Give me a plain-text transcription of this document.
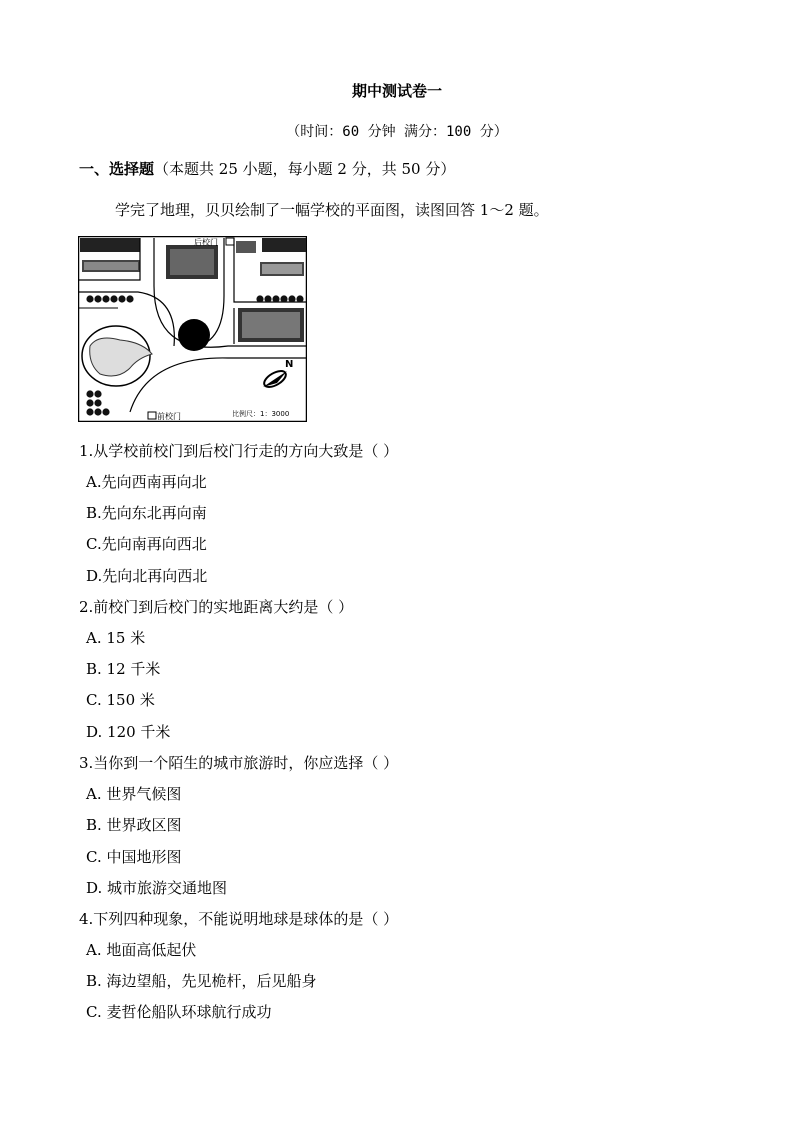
期中测试卷一
（时间：60 分钟 满分：100 分）
一、选择题（本题共 25 小题，每小题 2 分，共 50 分）
学完了地理，贝贝绘制了一幅学校的平面图，读图回答 1～2 题。
N
后校门
前校门	比例尺：1：3000
1.从学校前校门到后校门行走的方向大致是（ ）
A.先向西南再向北
B.先向东北再向南
C.先向南再向西北
D.先向北再向西北
2.前校门到后校门的实地距离大约是（ ）
A. 15 米
B. 12 千米
C. 150 米
D. 120 千米
3.当你到一个陌生的城市旅游时，你应选择（ ）
A. 世界气候图
B. 世界政区图
C. 中国地形图
D. 城市旅游交通地图
4.下列四种现象，不能说明地球是球体的是（ ）
A. 地面高低起伏
B. 海边望船，先见桅杆，后见船身
C. 麦哲伦船队环球航行成功
